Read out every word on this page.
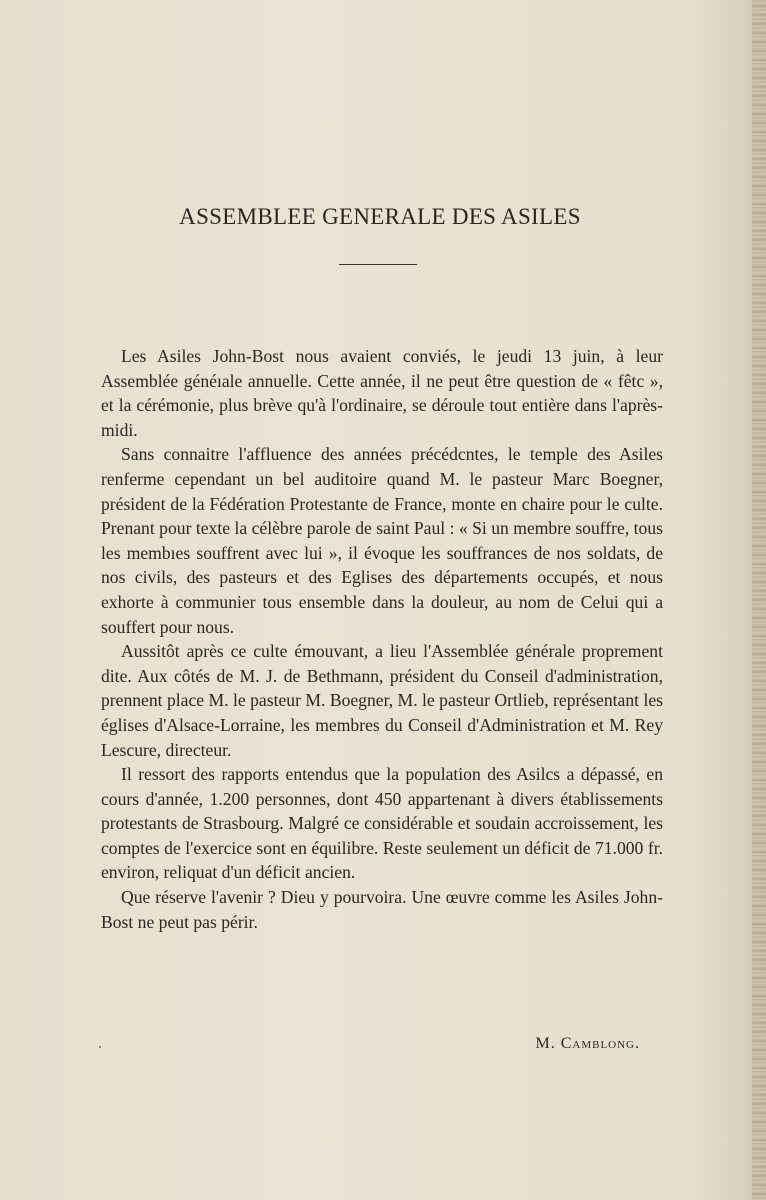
ASSEMBLEE GENERALE DES ASILES

Les Asiles John-Bost nous avaient conviés, le jeudi 13 juin, à leur Assemblée généıale annuelle. Cette année, il ne peut être question de « fêtc », et la cérémonie, plus brève qu'à l'ordinaire, se déroule tout entière dans l'après-midi.

Sans connaitre l'affluence des années précédcntes, le temple des Asiles renferme cependant un bel auditoire quand M. le pasteur Marc Boegner, président de la Fédération Protestante de France, monte en chaire pour le culte. Prenant pour texte la célèbre parole de saint Paul : « Si un membre souffre, tous les membıes souffrent avec lui », il évoque les souffrances de nos soldats, de nos civils, des pasteurs et des Eglises des départements occupés, et nous exhorte à communier tous ensemble dans la douleur, au nom de Celui qui a souffert pour nous.

Aussitôt après ce culte émouvant, a lieu l'Assemblée générale proprement dite. Aux côtés de M. J. de Bethmann, président du Conseil d'administration, prennent place M. le pasteur M. Boegner, M. le pasteur Ortlieb, représentant les églises d'Alsace-Lorraine, les membres du Conseil d'Administration et M. Rey Lescure, directeur.

Il ressort des rapports entendus que la population des Asilcs a dépassé, en cours d'année, 1.200 personnes, dont 450 appartenant à divers établissements protestants de Strasbourg. Malgré ce considérable et soudain accroissement, les comptes de l'exercice sont en équilibre. Reste seulement un déficit de 71.000 fr. environ, reliquat d'un déficit ancien.

Que réserve l'avenir ? Dieu y pourvoira. Une œuvre comme les Asiles John-Bost ne peut pas périr.

M. Camblong.
